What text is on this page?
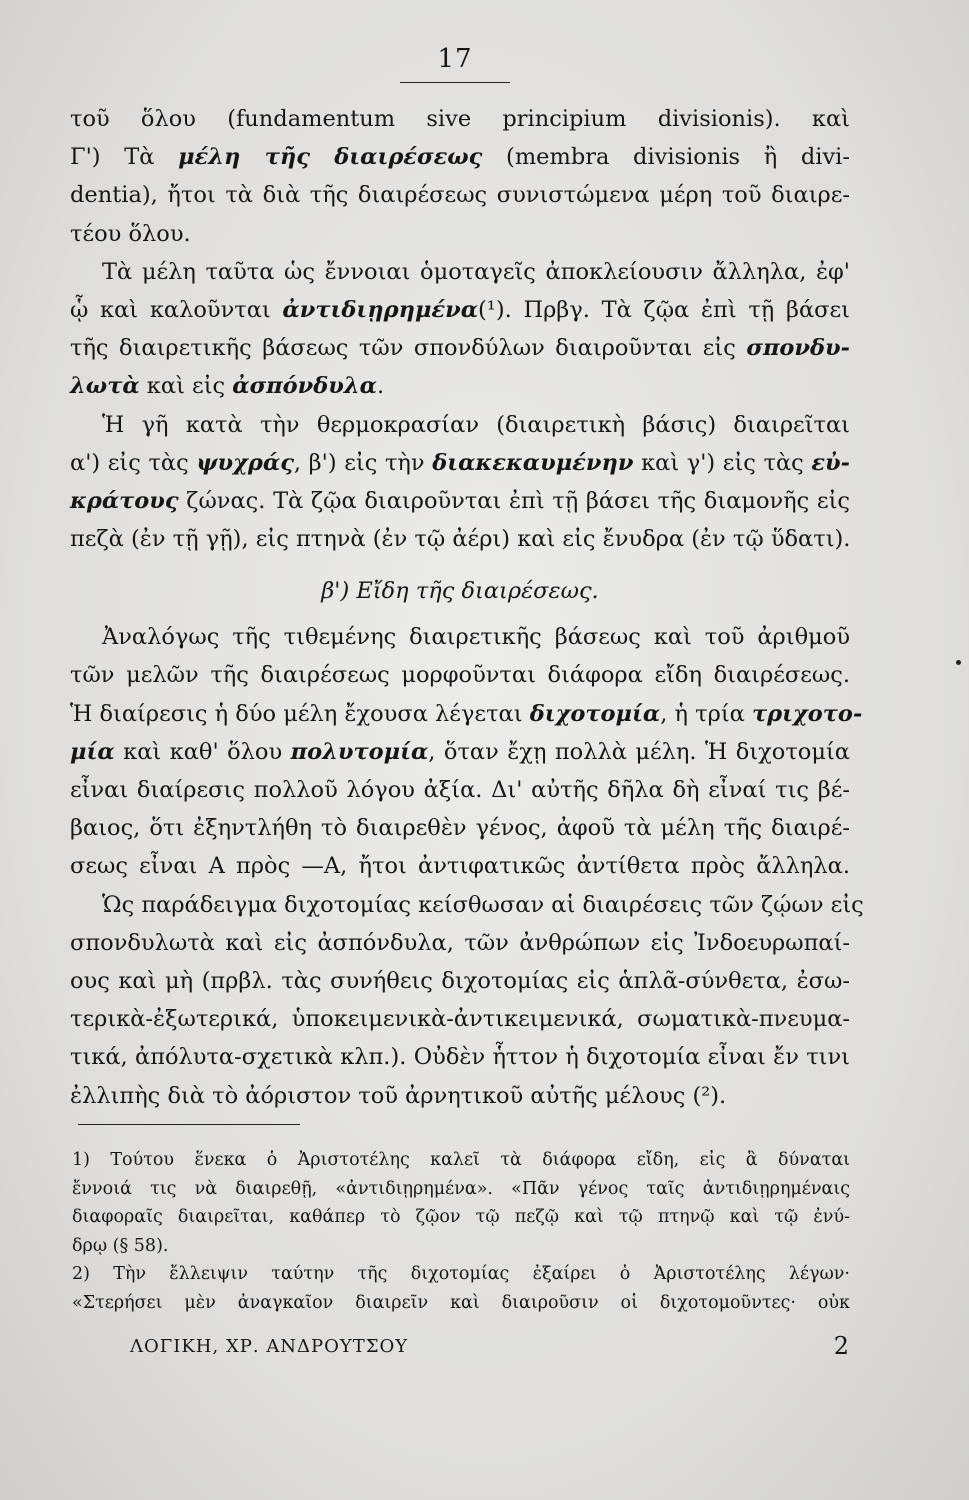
17
τοῦ ὅλου (fundamentum sive principium divisionis). καὶ
Γ') Τὰ μέλη τῆς διαιρέσεως (membra divisionis ἢ divi-
dentia), ἤτοι τὰ διὰ τῆς διαιρέσεως συνιστώμενα μέρη τοῦ διαιρε-
τέου ὅλου.
Τὰ μέλη ταῦτα ὡς ἔννοιαι ὁμοταγεῖς ἀποκλείουσιν ἄλληλα, ἐφ'
ᾧ καὶ καλοῦνται ἀντιδιῃρημένα(¹). Πρβγ. Τὰ ζῷα ἐπὶ τῇ βάσει
τῆς διαιρετικῆς βάσεως τῶν σπονδύλων διαιροῦνται εἰς σπονδυ-
λωτὰ καὶ εἰς ἀσπόνδυλα.
Ἡ γῆ κατὰ τὴν θερμοκρασίαν (διαιρετικὴ βάσις) διαιρεῖται
α') εἰς τὰς ψυχράς, β') εἰς τὴν διακεκαυμένην καὶ γ') εἰς τὰς εὐ-
κράτους ζώνας. Τὰ ζῷα διαιροῦνται ἐπὶ τῇ βάσει τῆς διαμονῆς εἰς
πεζὰ (ἐν τῇ γῇ), εἰς πτηνὰ (ἐν τῷ ἀέρι) καὶ εἰς ἔνυδρα (ἐν τῷ ὕδατι).
β') Εἴδη τῆς διαιρέσεως.
Ἀναλόγως τῆς τιθεμένης διαιρετικῆς βάσεως καὶ τοῦ ἀριθμοῦ
τῶν μελῶν τῆς διαιρέσεως μορφοῦνται διάφορα εἴδη διαιρέσεως.
Ἡ διαίρεσις ἡ δύο μέλη ἔχουσα λέγεται διχοτομία, ἡ τρία τριχοτο-
μία καὶ καθ' ὅλου πολυτομία, ὅταν ἔχῃ πολλὰ μέλη. Ἡ διχοτομία
εἶναι διαίρεσις πολλοῦ λόγου ἀξία. Δι' αὐτῆς δῆλα δὴ εἶναί τις βέ-
βαιος, ὅτι ἐξηντλήθη τὸ διαιρεθὲν γένος, ἀφοῦ τὰ μέλη τῆς διαιρέ-
σεως εἶναι Α πρὸς —Α, ἤτοι ἀντιφατικῶς ἀντίθετα πρὸς ἄλληλα.
Ὡς παράδειγμα διχοτομίας κείσθωσαν αἱ διαιρέσεις τῶν ζῴων εἰς
σπονδυλωτὰ καὶ εἰς ἀσπόνδυλα, τῶν ἀνθρώπων εἰς Ἰνδοευρωπαί-
ους καὶ μὴ (πρβλ. τὰς συνήθεις διχοτομίας εἰς ἁπλᾶ-σύνθετα, ἐσω-
τερικὰ-ἐξωτερικά, ὑποκειμενικὰ-ἀντικειμενικά, σωματικὰ-πνευμα-
τικά, ἀπόλυτα-σχετικὰ κλπ.). Οὐδὲν ἧττον ἡ διχοτομία εἶναι ἔν τινι
ἐλλιπὴς διὰ τὸ ἀόριστον τοῦ ἀρνητικοῦ αὐτῆς μέλους (²).
1) Τούτου ἕνεκα ὁ Ἀριστοτέλης καλεῖ τὰ διάφορα εἴδη, εἰς ἃ δύναται
ἔννοιά τις νὰ διαιρεθῇ, «ἀντιδιῃρημένα». «Πᾶν γένος ταῖς ἀντιδιῃρημέναις
διαφοραῖς διαιρεῖται, καθάπερ τὸ ζῷον τῷ πεζῷ καὶ τῷ πτηνῷ καὶ τῷ ἐνύ-
δρῳ (§ 58).
2) Τὴν ἔλλειψιν ταύτην τῆς διχοτομίας ἐξαίρει ὁ Ἀριστοτέλης λέγων·
«Στερήσει μὲν ἀναγκαῖον διαιρεῖν καὶ διαιροῦσιν οἱ διχοτομοῦντες· οὐκ
ΛΟΓΙΚΗ, ΧΡ. ΑΝΔΡΟΥΤΣΟΥ	2
